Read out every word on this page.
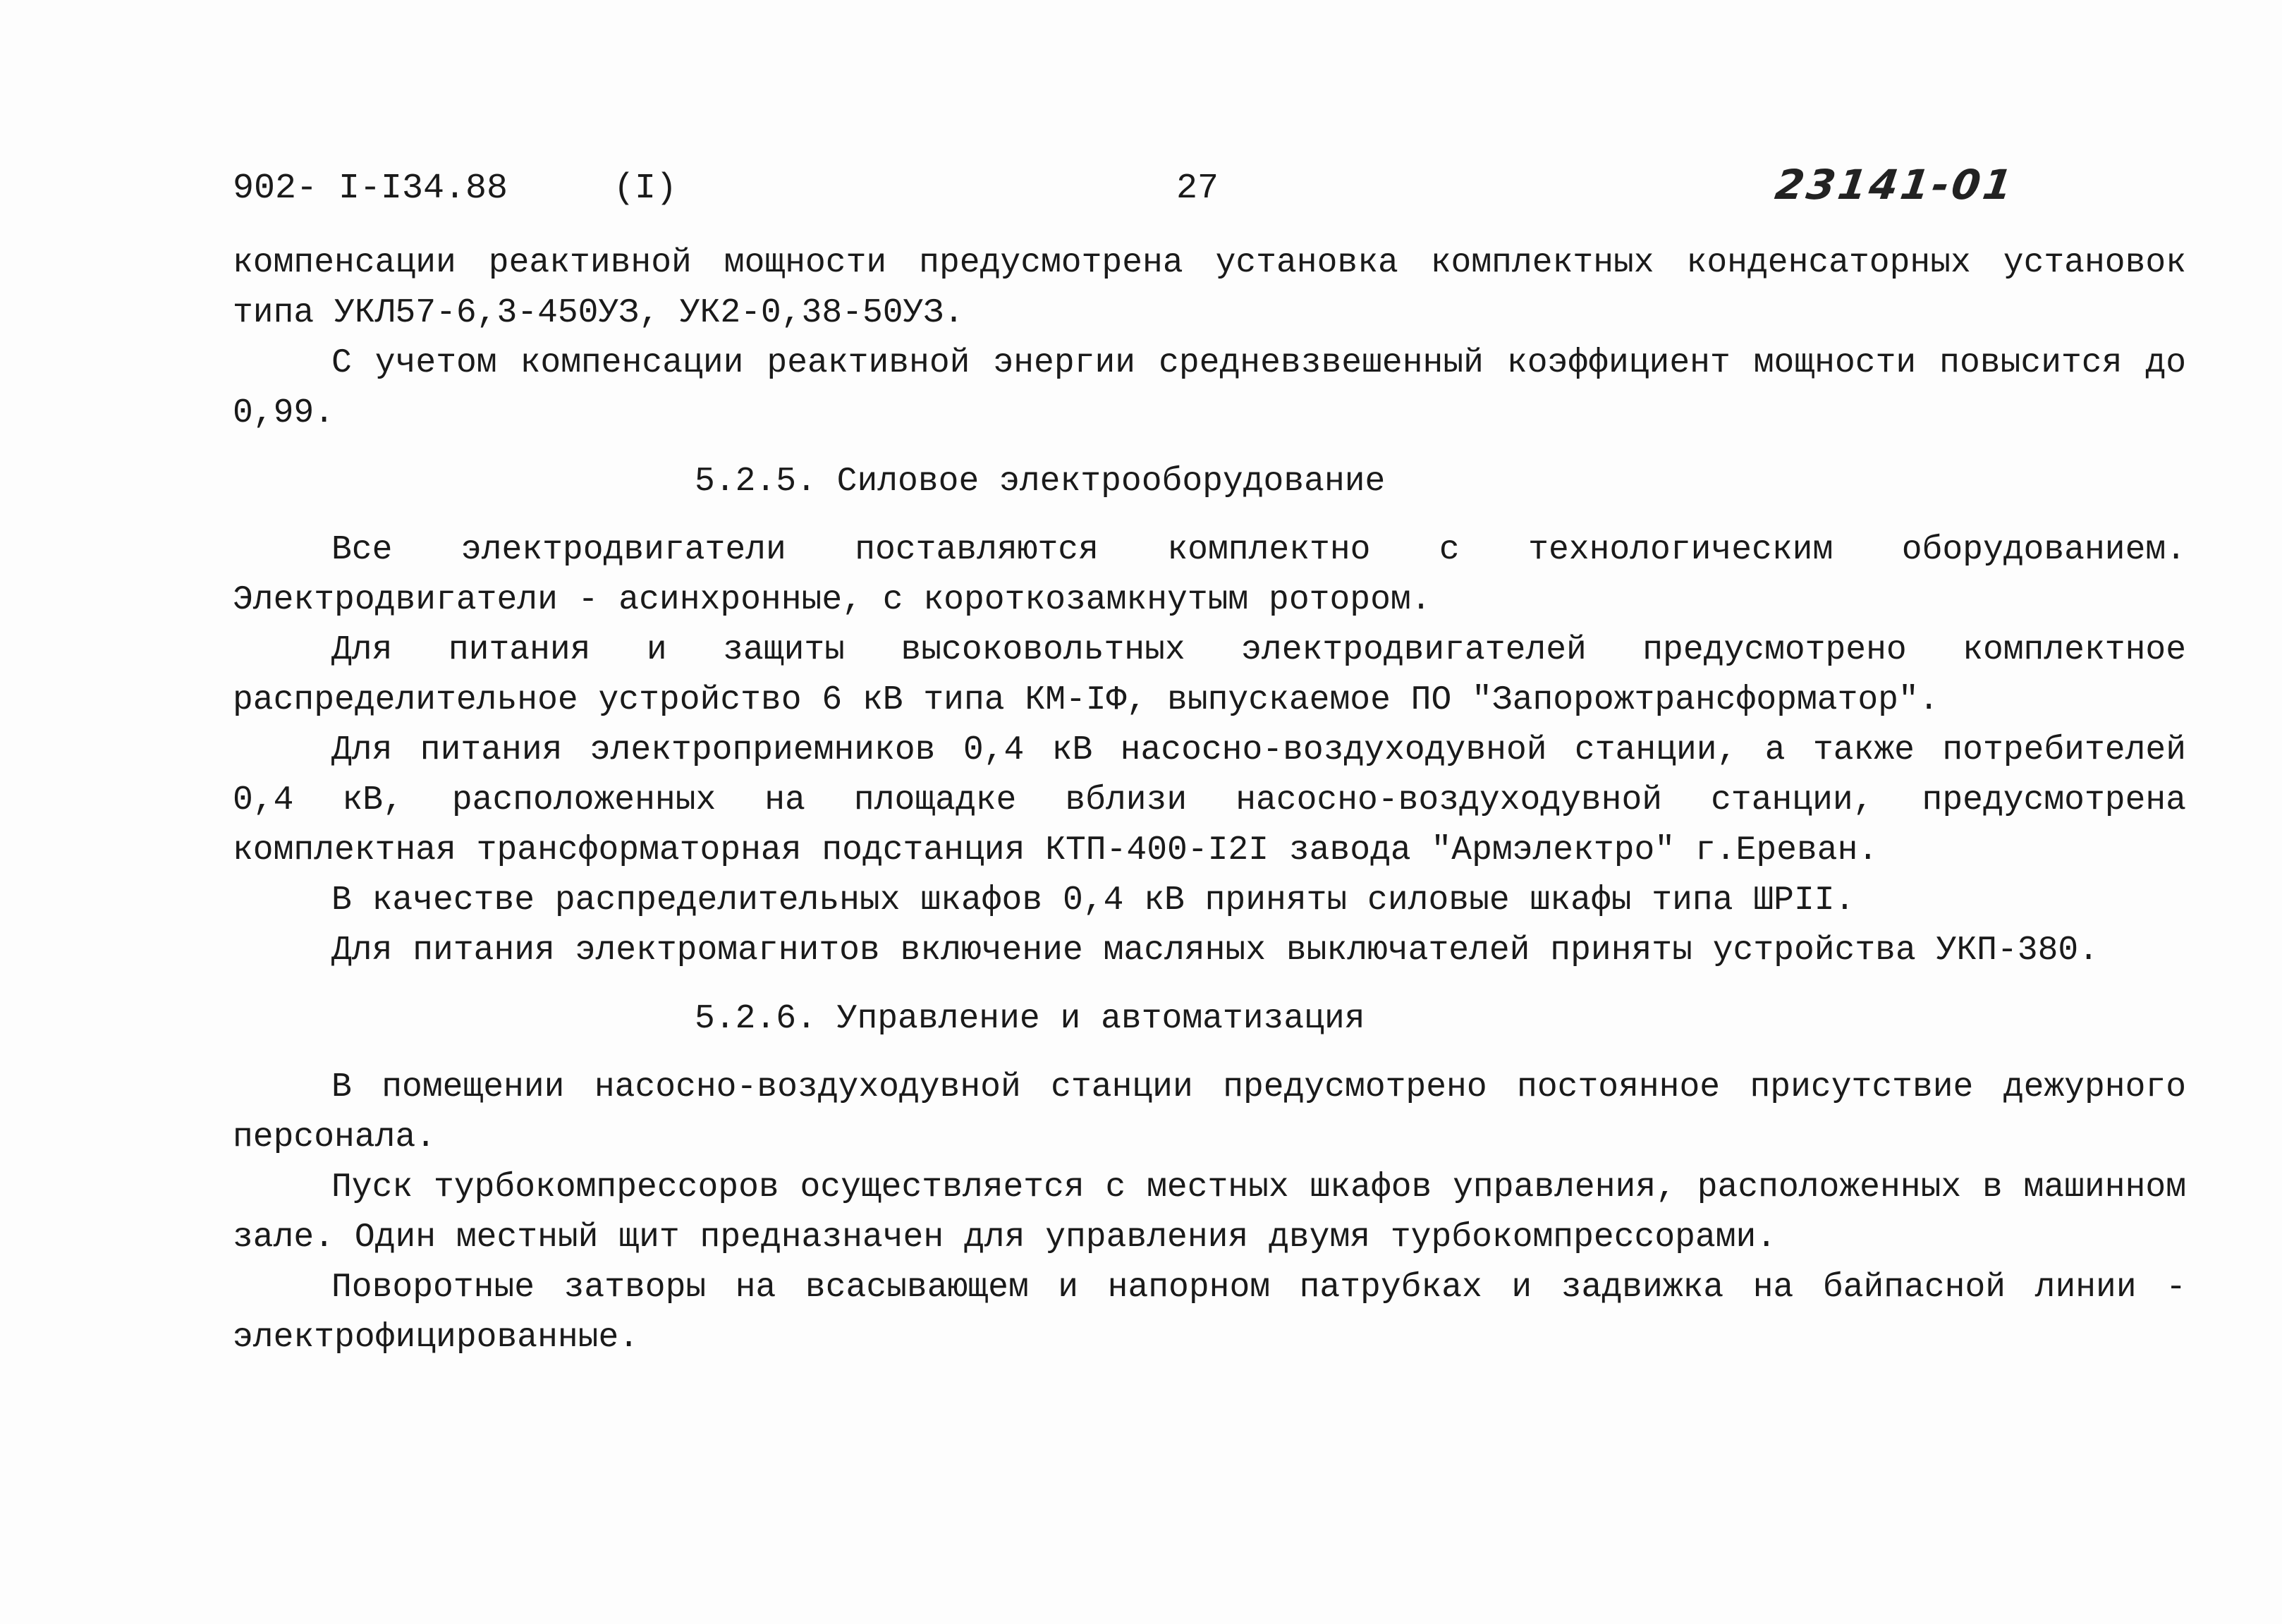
902- I-I34.88	(I)	27	23141-01

компенсации реактивной мощности предусмотрена установка комплектных конденсаторных установок типа УКЛ57-6,3-450УЗ, УК2-0,38-50УЗ.

С учетом компенсации реактивной энергии средневзвешенный коэффициент мощности повысится до 0,99.

5.2.5. Силовое электрооборудование

Все электродвигатели поставляются комплектно с технологическим оборудованием. Электродвигатели - асинхронные, с короткозамкнутым ротором.

Для питания и защиты высоковольтных электродвигателей предусмотрено комплектное распределительное устройство 6 кВ типа КМ-IФ, выпускаемое ПО "Запорожтрансформатор".

Для питания электроприемников 0,4 кВ насосно-воздуходувной станции, а также потребителей 0,4 кВ, расположенных на площадке вблизи насосно-воздуходувной станции, предусмотрена комплектная трансформаторная подстанция КТП-400-I2I завода "Армэлектро" г.Ереван.

В качестве распределительных шкафов 0,4 кВ приняты силовые шкафы типа ШРII.

Для питания электромагнитов включение масляных выключателей приняты устройства УКП-380.

5.2.6. Управление и автоматизация

В помещении насосно-воздуходувной станции предусмотрено постоянное присутствие дежурного персонала.

Пуск турбокомпрессоров осуществляется с местных шкафов управления, расположенных в машинном зале. Один местный щит предназначен для управления двумя турбокомпрессорами.

Поворотные затворы на всасывающем и напорном патрубках и задвижка на байпасной линии - электрофицированные.
